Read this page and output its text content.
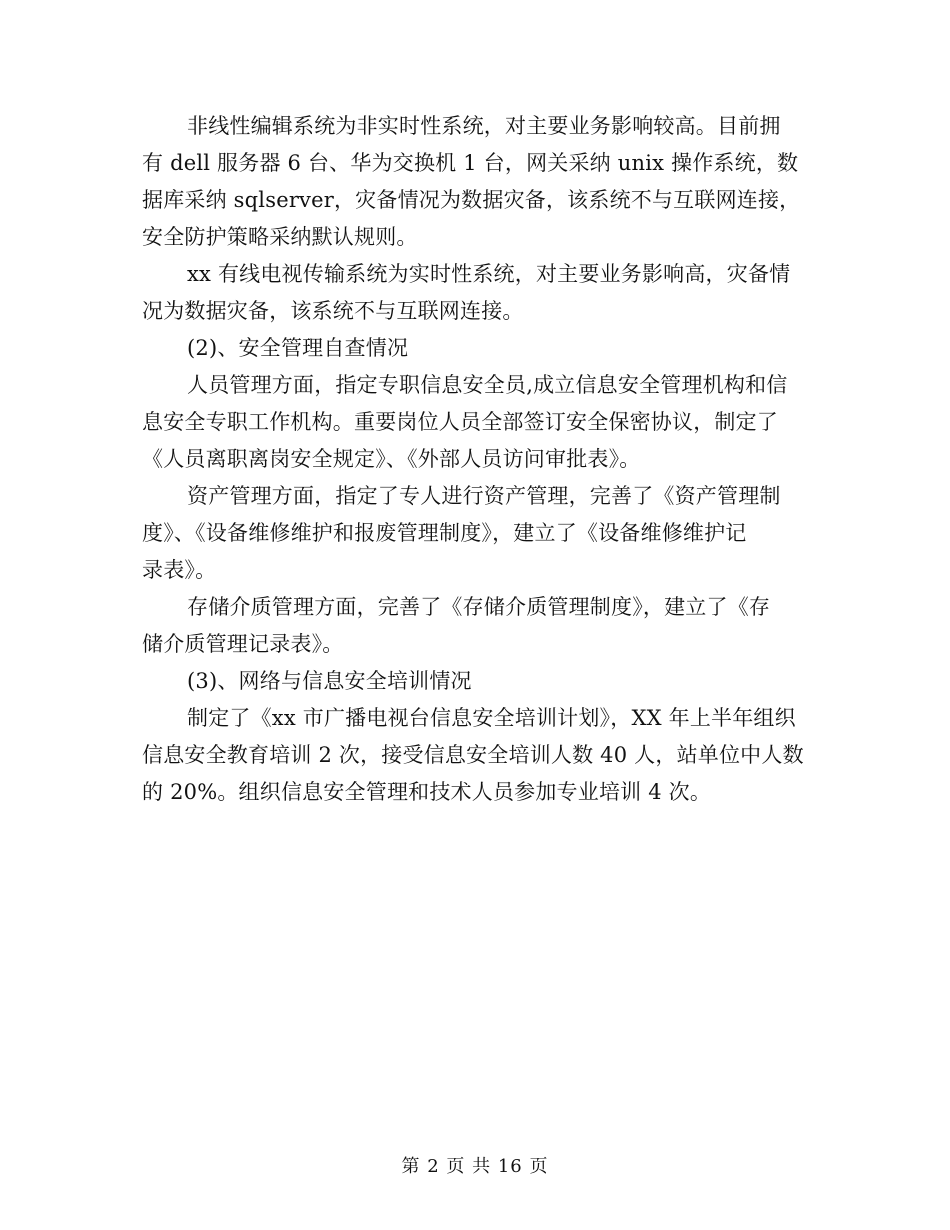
非线性编辑系统为非实时性系统，对主要业务影响较高。目前拥
有 dell 服务器 6 台、华为交换机 1 台，网关采纳 unix 操作系统，数
据库采纳 sqlserver，灾备情况为数据灾备，该系统不与互联网连接，
安全防护策略采纳默认规则。
xx 有线电视传输系统为实时性系统，对主要业务影响高，灾备情
况为数据灾备，该系统不与互联网连接。
(2)、安全管理自查情况
人员管理方面，指定专职信息安全员,成立信息安全管理机构和信
息安全专职工作机构。重要岗位人员全部签订安全保密协议，制定了
《人员离职离岗安全规定》、《外部人员访问审批表》。
资产管理方面，指定了专人进行资产管理，完善了《资产管理制
度》、《设备维修维护和报废管理制度》，建立了《设备维修维护记
录表》。
存储介质管理方面，完善了《存储介质管理制度》，建立了《存
储介质管理记录表》。
(3)、网络与信息安全培训情况
制定了《xx 市广播电视台信息安全培训计划》，XX 年上半年组织
信息安全教育培训 2 次，接受信息安全培训人数 40 人，站单位中人数
的 20%。组织信息安全管理和技术人员参加专业培训 4 次。
第 2 页 共 16 页
